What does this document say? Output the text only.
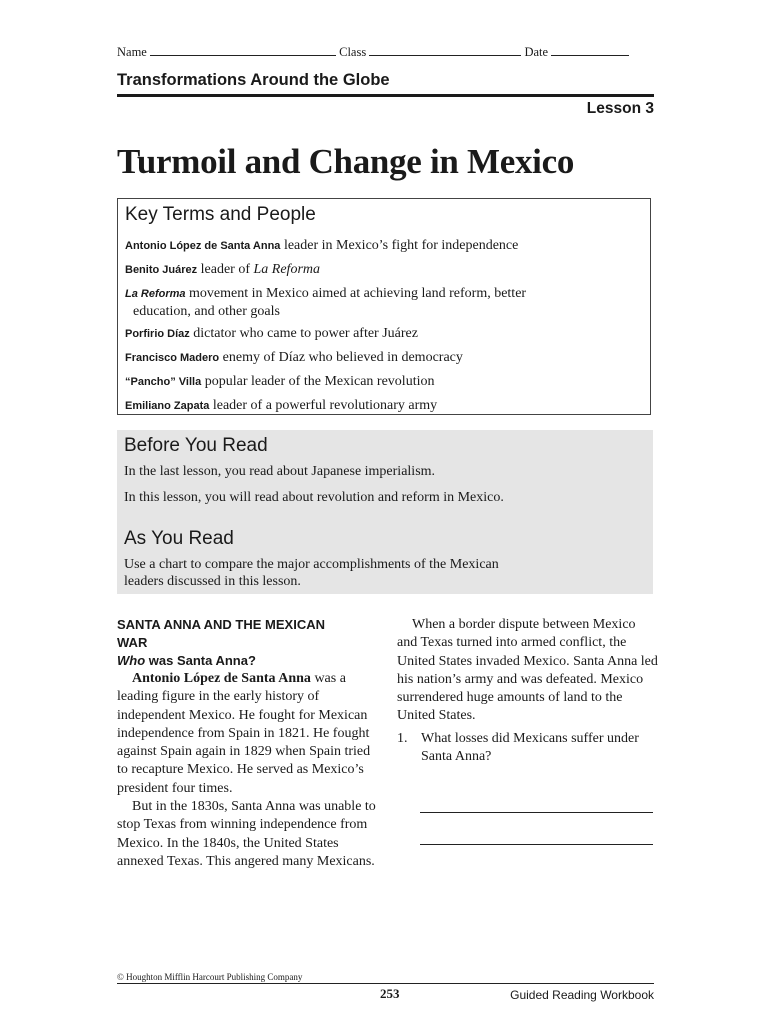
Name	Class	Date
Transformations Around the Globe
Lesson 3
Turmoil and Change in Mexico
Key Terms and People
Antonio López de Santa Anna leader in Mexico’s fight for independence
Benito Juárez leader of La Reforma
La Reforma movement in Mexico aimed at achieving land reform, better
education, and other goals
Porfirio Díaz dictator who came to power after Juárez
Francisco Madero enemy of Díaz who believed in democracy
“Pancho” Villa popular leader of the Mexican revolution
Emiliano Zapata leader of a powerful revolutionary army
Before You Read

In the last lesson, you read about Japanese imperialism.

In this lesson, you will read about revolution and reform in Mexico.

As You Read

Use a chart to compare the major accomplishments of the Mexican

leaders discussed in this lesson.

SANTA ANNA AND THE MEXICAN
WAR
Who was Santa Anna?

Antonio López de Santa Anna was a leading figure in the early history of independent Mexico. He fought for Mexican independence from Spain in 1821. He fought against Spain again in 1829 when Spain tried to recapture Mexico. He served as Mexico’s president four times.

But in the 1830s, Santa Anna was unable to stop Texas from winning independence from Mexico. In the 1840s, the United States annexed Texas. This angered many Mexicans.

When a border dispute between Mexico and Texas turned into armed conflict, the United States invaded Mexico. Santa Anna led his nation’s army and was defeated. Mexico surrendered huge amounts of land to the United States.

1. What losses did Mexicans suffer under Santa Anna?
© Houghton Mifflin Harcourt Publishing Company
253	Guided Reading Workbook
